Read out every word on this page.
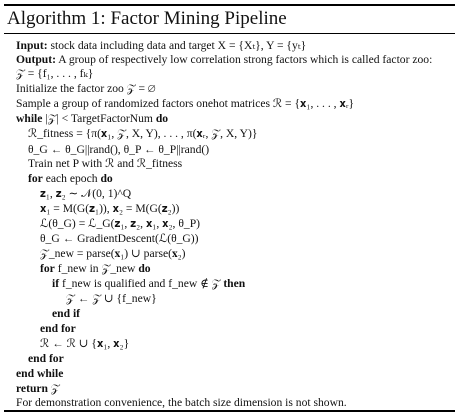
Algorithm 1: Factor Mining Pipeline
Input: stock data including data and target X = {Xₜ}, Y = {yₜ}
Output: A group of respectively low correlation strong factors which is called factor zoo:
𝒵 = {f₁, . . . , fₖ}
Initialize the factor zoo 𝒵 = ∅
Sample a group of randomized factors onehot matrices ℛ = {𝐱₁, . . . , 𝐱ᵣ}
while |𝒵| < TargetFactorNum do
ℛ_fitness = {π(𝐱₁, 𝒵, X, Y), . . . , π(𝐱ᵣ, 𝒵, X, Y)}
θ_G ← θ_G||rand(), θ_P ← θ_P||rand()
Train net P with ℛ and ℛ_fitness
for each epoch do
𝐳₁, 𝐳₂ ∼ 𝒩(0, 1)^Q
𝐱₁ = M(G(𝐳₁)), 𝐱₂ = M(G(𝐳₂))
ℒ(θ_G) = ℒ_G(𝐳₁, 𝐳₂, 𝐱₁, 𝐱₂, θ_P)
θ_G ← GradientDescent(ℒ(θ_G))
𝒵_new = parse(𝐱₁) ∪ parse(𝐱₂)
for f_new in 𝒵_new do
if f_new is qualified and f_new ∉ 𝒵 then
𝒵 ← 𝒵 ∪ {f_new}
end if
end for
ℛ ← ℛ ∪ {𝐱₁, 𝐱₂}
end for
end while
return 𝒵
For demonstration convenience, the batch size dimension is not shown.
